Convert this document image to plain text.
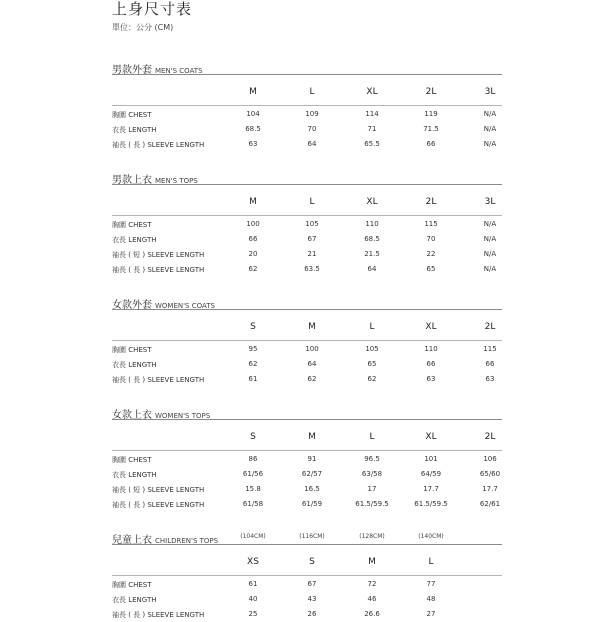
上身尺寸表
單位：公分 (CM)
男款外套 MEN'S COATS
M	L	XL	2L	3L
胸圍 CHEST	104	109	114	119	N/A
衣長 LENGTH	68.5	70	71	71.5	N/A
袖長 ( 長 ) SLEEVE LENGTH	63	64	65.5	66	N/A
男款上衣 MEN'S TOPS
M	L	XL	2L	3L
胸圍 CHEST	100	105	110	115	N/A
衣長 LENGTH	66	67	68.5	70	N/A
袖長 ( 短 ) SLEEVE LENGTH	20	21	21.5	22	N/A
袖長 ( 長 ) SLEEVE LENGTH	62	63.5	64	65	N/A
女款外套 WOMEN'S COATS
S	M	L	XL	2L
胸圍 CHEST	95	100	105	110	115
衣長 LENGTH	62	64	65	66	66
袖長 ( 長 ) SLEEVE LENGTH	61	62	62	63	63
女款上衣 WOMEN'S TOPS
S	M	L	XL	2L
胸圍 CHEST	86	91	96.5	101	106
衣長 LENGTH	61/56	62/57	63/58	64/59	65/60
袖長 ( 短 ) SLEEVE LENGTH	15.8	16.5	17	17.7	17.7
袖長 ( 長 ) SLEEVE LENGTH	61/58	61/59	61.5/59.5	61.5/59.5	62/61
兒童上衣 CHILDREN'S TOPS
(104CM)	(116CM)	(128CM)	(140CM)
XS	S	M	L
胸圍 CHEST	61	67	72	77
衣長 LENGTH	40	43	46	48
袖長 ( 長 ) SLEEVE LENGTH	25	26	26.6	27
